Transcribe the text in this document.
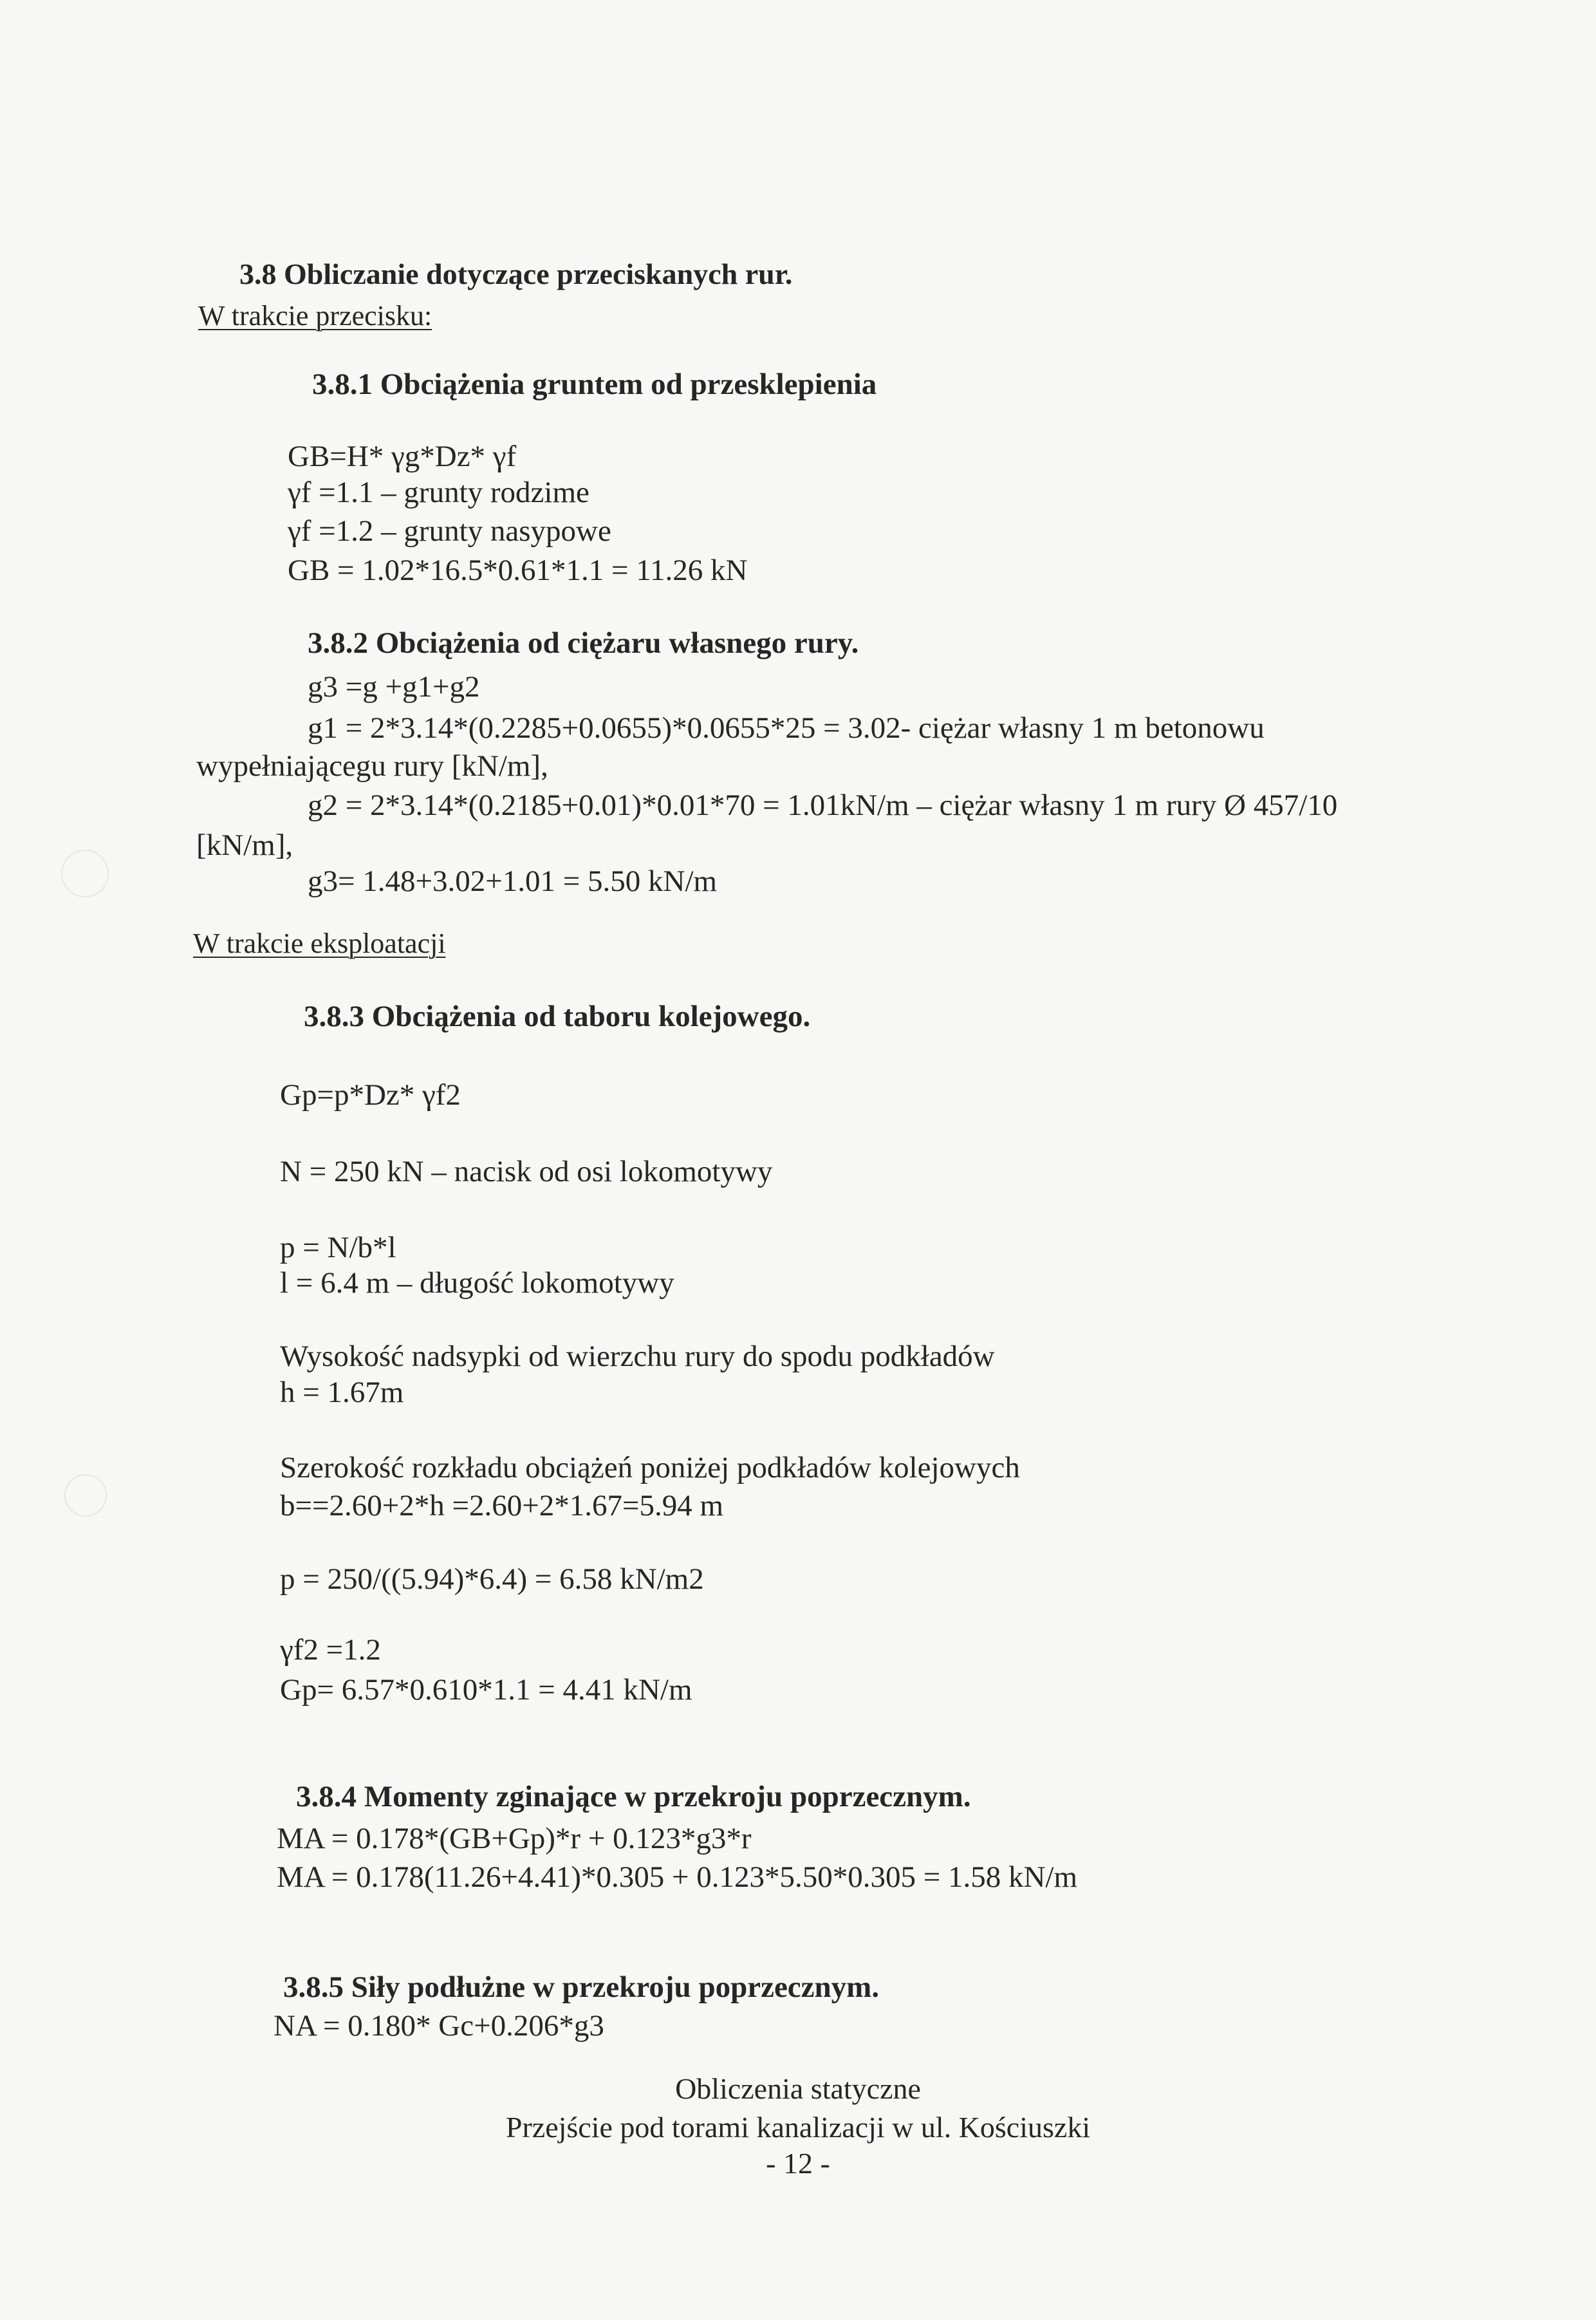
3.8 Obliczanie dotyczące przeciskanych rur.
W trakcie przecisku:
3.8.1 Obciążenia gruntem od przesklepienia
GB=H* γg*Dz* γf
γf =1.1 – grunty rodzime
γf =1.2 – grunty nasypowe
GB = 1.02*16.5*0.61*1.1 = 11.26 kN
3.8.2 Obciążenia od ciężaru własnego rury.
g3 =g +g1+g2
g1 = 2*3.14*(0.2285+0.0655)*0.0655*25 = 3.02- ciężar własny 1 m betonowu
wypełniającegu rury [kN/m],
g2 = 2*3.14*(0.2185+0.01)*0.01*70 = 1.01kN/m – ciężar własny 1 m rury Ø 457/10
[kN/m],
g3= 1.48+3.02+1.01 = 5.50 kN/m
W trakcie eksploatacji
3.8.3 Obciążenia od taboru kolejowego.
Gp=p*Dz* γf2
N = 250 kN – nacisk od osi lokomotywy
p = N/b*l
l = 6.4 m – długość lokomotywy
Wysokość nadsypki od wierzchu rury do spodu podkładów
h = 1.67m
Szerokość rozkładu obciążeń poniżej podkładów kolejowych
b==2.60+2*h =2.60+2*1.67=5.94 m
p = 250/((5.94)*6.4) = 6.58 kN/m2
γf2 =1.2
Gp= 6.57*0.610*1.1 = 4.41 kN/m
3.8.4 Momenty zginające w przekroju poprzecznym.
MA = 0.178*(GB+Gp)*r + 0.123*g3*r
MA = 0.178(11.26+4.41)*0.305 + 0.123*5.50*0.305 = 1.58 kN/m
3.8.5 Siły podłużne w przekroju poprzecznym.
NA = 0.180* Gc+0.206*g3
Obliczenia statyczne
Przejście pod torami kanalizacji w ul. Kościuszki
- 12 -
